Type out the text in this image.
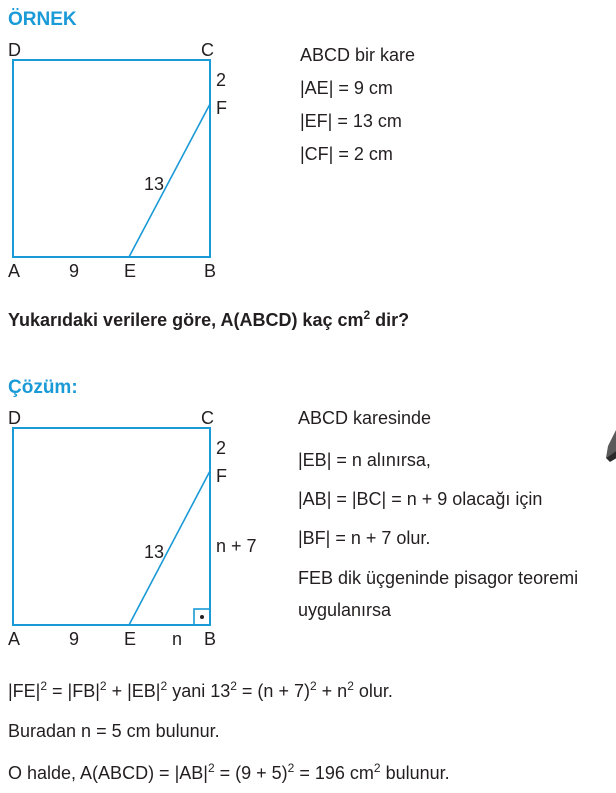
ÖRNEK
D	C
2
F
13
A	9 E	B
ABCD bir kare
|AE| = 9 cm
|EF| = 13 cm
|CF| = 2 cm
Yukarıdaki verilere göre, A(ABCD) kaç $cm^2$ dir?
Çözüm:
D	C
2
F
13	n + 7
A	9 E n B
ABCD karesinde
|EB| = n alınırsa,
|AB| = |BC| = n + 9 olacağı için
|BF| = n + 7 olur.
FEB dik üçgeninde pisagor teoremi
uygulanırsa
$|FE|^2 = |FB|^2 + |EB|^2$ yani $13^2 = (n + 7)^2 + n^2$ olur.
Buradan n = 5 cm bulunur.
O halde, A(ABCD) = $|AB|^2 = (9 + 5)^2 = 196$ $cm^2$ bulunur.
